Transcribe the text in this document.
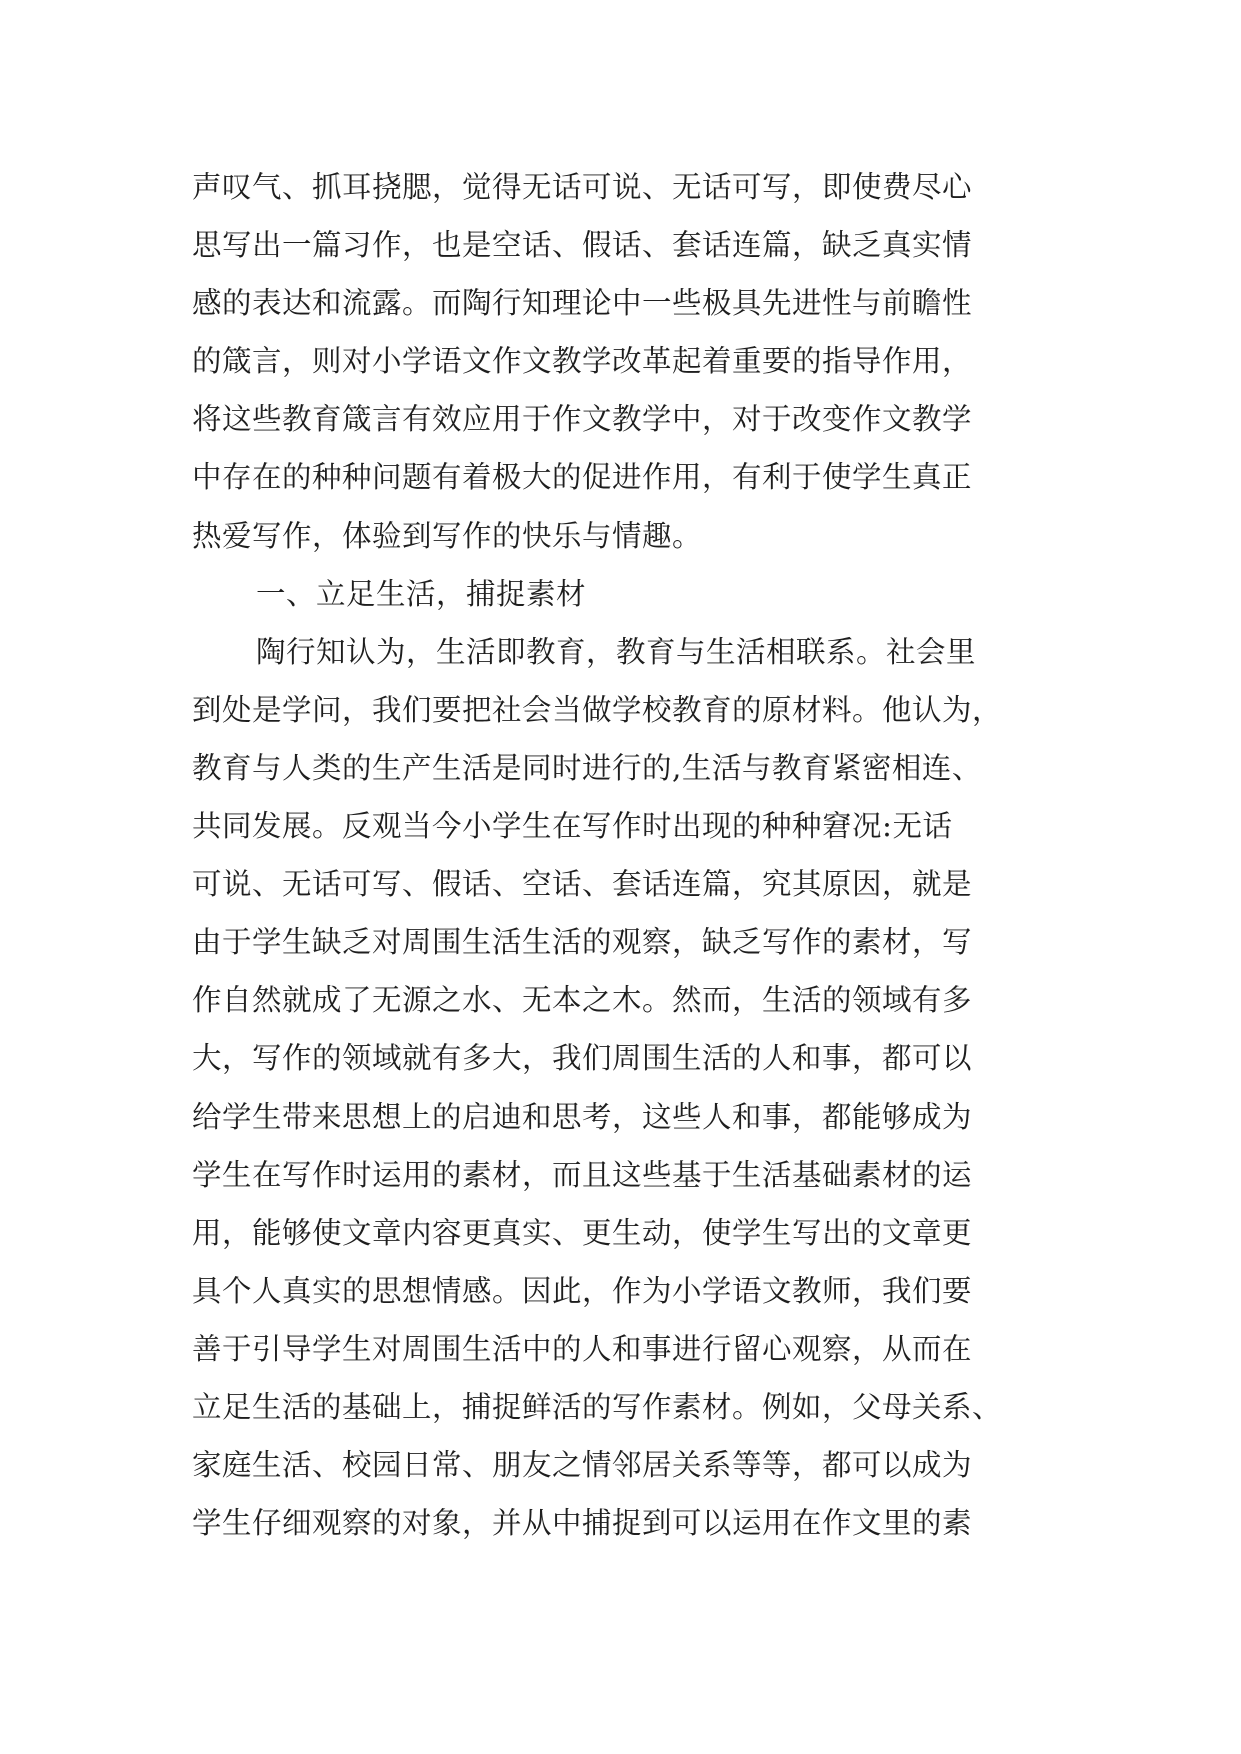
声叹气、抓耳挠腮，觉得无话可说、无话可写，即使费尽心
思写出一篇习作，也是空话、假话、套话连篇，缺乏真实情
感的表达和流露。而陶行知理论中一些极具先进性与前瞻性
的箴言，则对小学语文作文教学改革起着重要的指导作用，
将这些教育箴言有效应用于作文教学中，对于改变作文教学
中存在的种种问题有着极大的促进作用，有利于使学生真正
热爱写作，体验到写作的快乐与情趣。
一、立足生活，捕捉素材
陶行知认为，生活即教育，教育与生活相联系。社会里
到处是学问，我们要把社会当做学校教育的原材料。他认为，
教育与人类的生产生活是同时进行的,生活与教育紧密相连、
共同发展。反观当今小学生在写作时出现的种种窘况:无话
可说、无话可写、假话、空话、套话连篇，究其原因，就是
由于学生缺乏对周围生活生活的观察，缺乏写作的素材，写
作自然就成了无源之水、无本之木。然而，生活的领域有多
大，写作的领域就有多大，我们周围生活的人和事，都可以
给学生带来思想上的启迪和思考，这些人和事，都能够成为
学生在写作时运用的素材，而且这些基于生活基础素材的运
用，能够使文章内容更真实、更生动，使学生写出的文章更
具个人真实的思想情感。因此，作为小学语文教师，我们要
善于引导学生对周围生活中的人和事进行留心观察，从而在
立足生活的基础上，捕捉鲜活的写作素材。例如，父母关系、
家庭生活、校园日常、朋友之情邻居关系等等，都可以成为
学生仔细观察的对象，并从中捕捉到可以运用在作文里的素
